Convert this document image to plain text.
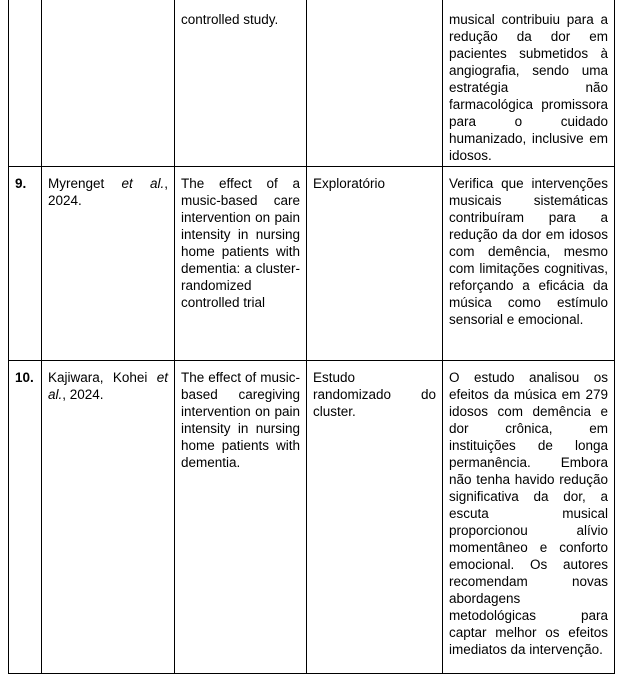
		controlled study.		musical contribuiu para a redução da dor em pacientes submetidos à angiografia, sendo uma estratégia não farmacológica promissora para o cuidado humanizado, inclusive em idosos.
9.	Myrenget et al., 2024.	The effect of a music-based care intervention on pain intensity in nursing home patients with dementia: a cluster-randomized controlled trial	Exploratório	Verifica que intervenções musicais sistemáticas contribuíram para a redução da dor em idosos com demência, mesmo com limitações cognitivas, reforçando a eficácia da música como estímulo sensorial e emocional.
10.	Kajiwara, Kohei et al., 2024.	The effect of music-based caregiving intervention on pain intensity in nursing home patients with dementia.	Estudo randomizado do cluster.	O estudo analisou os efeitos da música em 279 idosos com demência e dor crônica, em instituições de longa permanência. Embora não tenha havido redução significativa da dor, a escuta musical proporcionou alívio momentâneo e conforto emocional. Os autores recomendam novas abordagens metodológicas para captar melhor os efeitos imediatos da intervenção.
